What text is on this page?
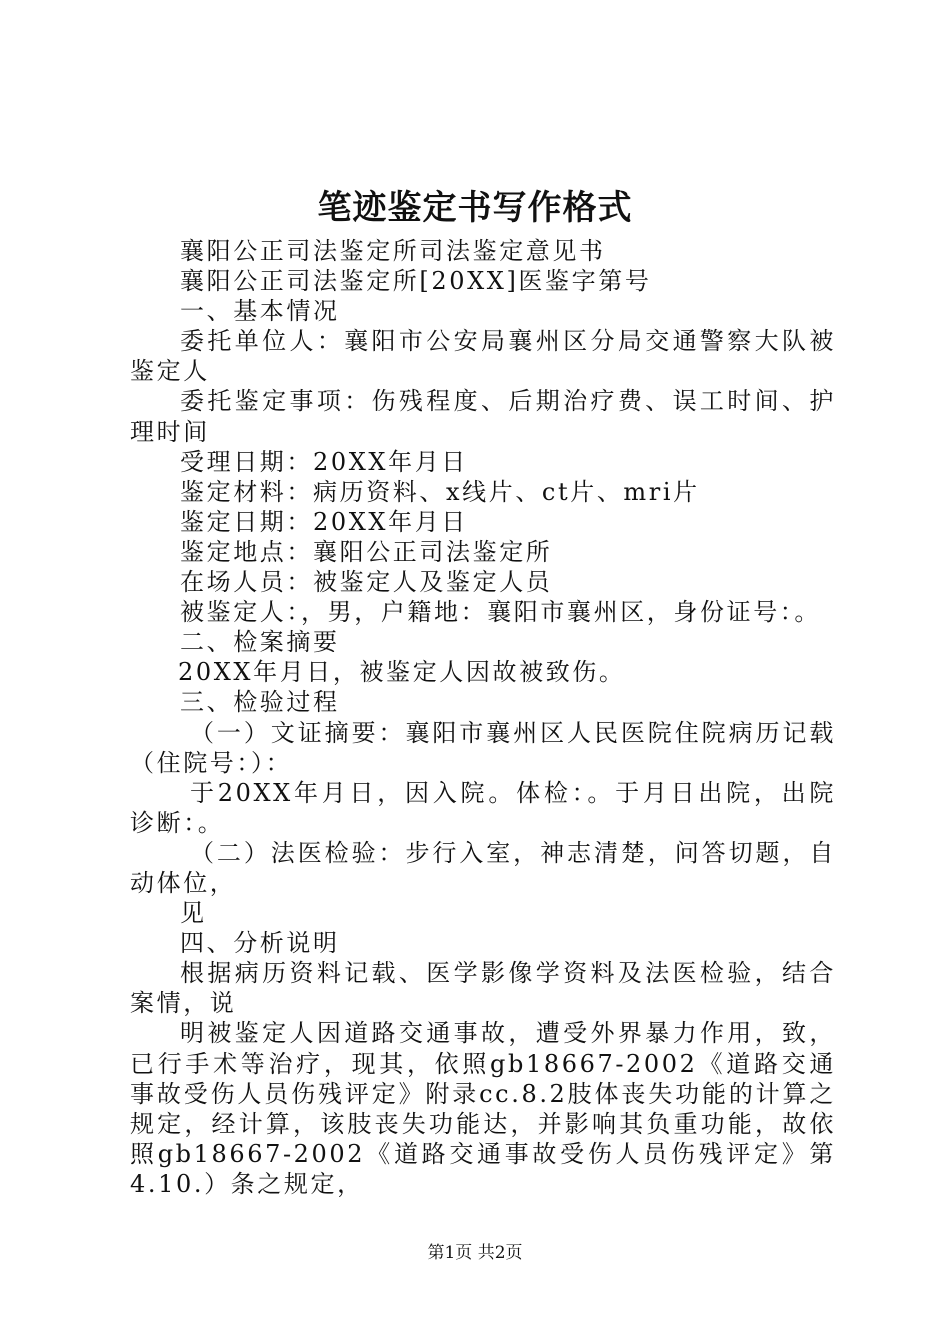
笔迹鉴定书写作格式

襄阳公正司法鉴定所司法鉴定意见书

襄阳公正司法鉴定所[20XX]医鉴字第号

一、基本情况

委托单位人：襄阳市公安局襄州区分局交通警察大队被鉴定人

委托鉴定事项：伤残程度、后期治疗费、误工时间、护理时间

受理日期：20XX年月日

鉴定材料：病历资料、x线片、ct片、mri片

鉴定日期：20XX年月日

鉴定地点：襄阳公正司法鉴定所

在场人员：被鉴定人及鉴定人员

被鉴定人：，男，户籍地：襄阳市襄州区，身份证号：。

二、检案摘要

20XX年月日，被鉴定人因故被致伤。

三、检验过程

（一）文证摘要：襄阳市襄州区人民医院住院病历记载（住院号：）：

于20XX年月日，因入院。体检：。于月日出院，出院诊断：。

（二）法医检验：步行入室，神志清楚，问答切题，自动体位，

见

四、分析说明

根据病历资料记载、医学影像学资料及法医检验，结合案情，说

明被鉴定人因道路交通事故，遭受外界暴力作用，致，已行手术等治疗，现其，依照gb18667-2002《道路交通事故受伤人员伤残评定》附录cc.8.2肢体丧失功能的计算之规定，经计算，该肢丧失功能达，并影响其负重功能，故依照gb18667-2002《道路交通事故受伤人员伤残评定》第4.10.）条之规定，

第1页 共2页
